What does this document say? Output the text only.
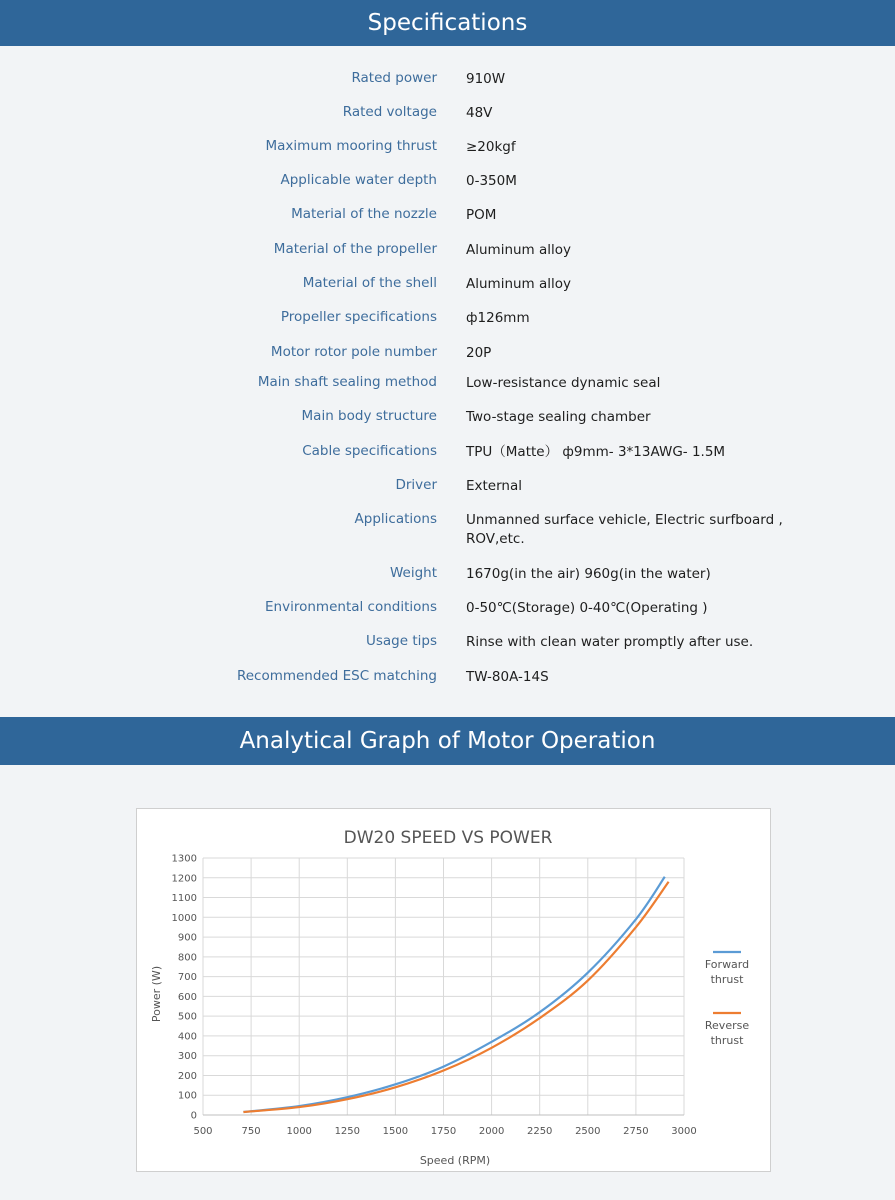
Specifications
Rated power 910W
Rated voltage 48V
Maximum mooring thrust ≥20kgf
Applicable water depth 0-350M
Material of the nozzle POM
Material of the propeller Aluminum alloy
Material of the shell Aluminum alloy
Propeller specifications ф126mm
Motor rotor pole number 20P
Main shaft sealing method Low-resistance dynamic seal
Main body structure Two-stage sealing chamber
Cable specifications TPU（Matte） ф9mm- 3*13AWG- 1.5M
Driver External
Applications Unmanned surface vehicle, Electric surfboard , ROV,etc.
Weight 1670g(in the air) 960g(in the water)
Environmental conditions 0-50℃(Storage) 0-40℃(Operating )
Usage tips Rinse with clean water promptly after use.
Recommended ESC matching TW-80A-14S
Analytical Graph of Motor Operation
DW20 SPEED VS POWER
0
100
200
300
400
500
600
700
800
900
1000
1100
1200
1300
500	750	1000 1250 1500 1750 2000 2250 2500 2750 3000
Power (W)
Speed (RPM)
Forward
thrust
Reverse
thrust
